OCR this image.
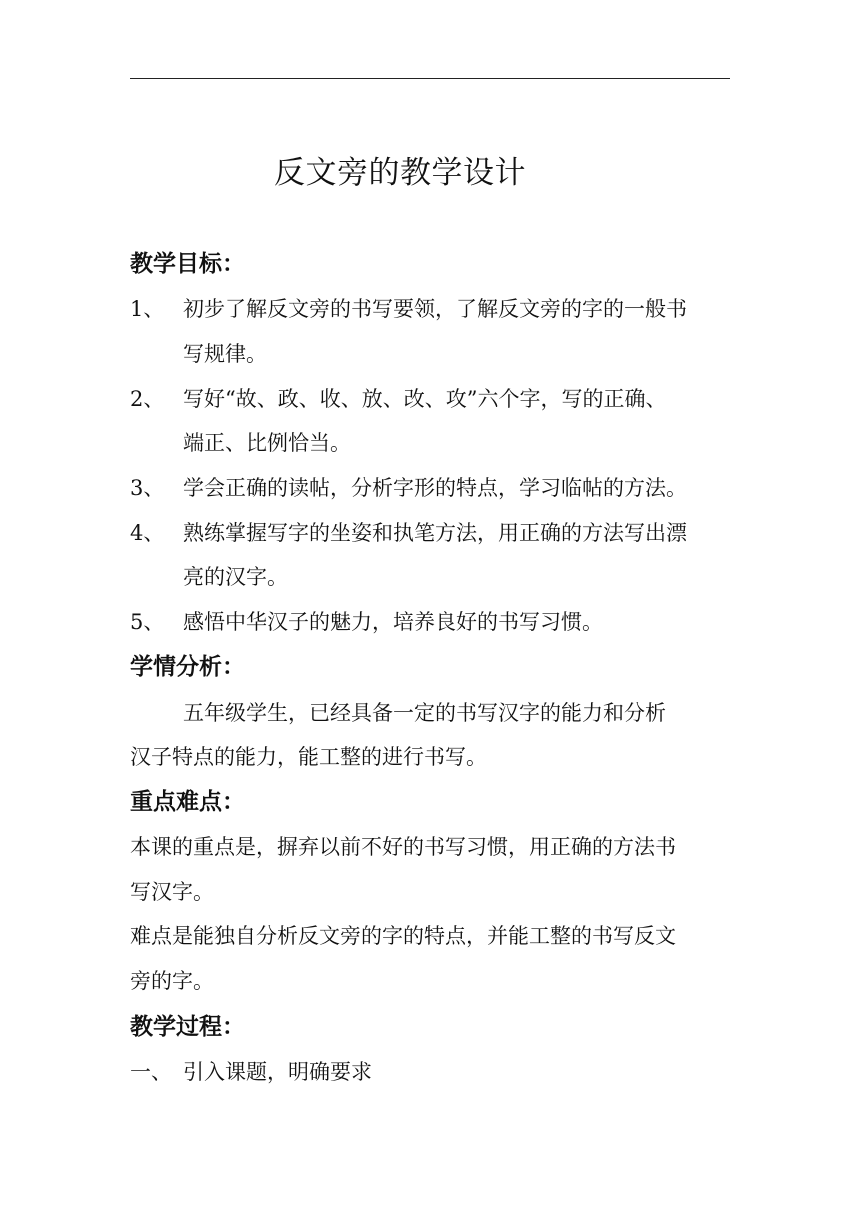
反文旁的教学设计
教学目标：
1、 初步了解反文旁的书写要领，了解反文旁的字的一般书
写规律。
2、 写好“故、政、收、放、改、攻”六个字，写的正确、
端正、比例恰当。
3、 学会正确的读帖，分析字形的特点，学习临帖的方法。
4、 熟练掌握写字的坐姿和执笔方法，用正确的方法写出漂
亮的汉字。
5、 感悟中华汉子的魅力，培养良好的书写习惯。
学情分析：
五年级学生，已经具备一定的书写汉字的能力和分析
汉子特点的能力，能工整的进行书写。
重点难点：
本课的重点是，摒弃以前不好的书写习惯，用正确的方法书
写汉字。
难点是能独自分析反文旁的字的特点，并能工整的书写反文
旁的字。
教学过程：
一、 引入课题，明确要求
